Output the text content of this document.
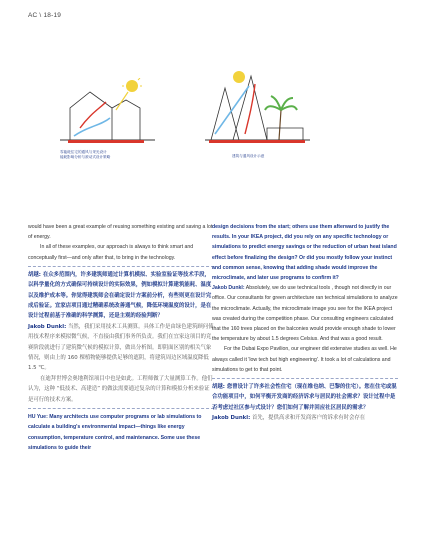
AC \ 18-19
零能耗住宅的通风与采光设计
能耗影响分析与被动式设计策略	建筑与通风设计示意

would have been a great example of reusing something existing and saving a lot of energy.

In all of these examples, our approach is always to think smart and conceptually first—and only after that, to bring in the technology.

胡越: 在众多范围内，许多建筑师通过计算机模拟、实验室验证等技术手段，以科学量化的方式确保可持续设计的实际效果，例如模拟计算建筑能耗、温度以及维护成本等。你觉得建筑师会在确定设计方案前分析，有些则更在设计完成后验证。宜家店项目通过精确系统改善通气候，降低环境温度的设计，是在设计过程前基于准确的科学测算，还是主观的经验判断？

Jakob Dunkl: 当然，我们采用技术工具测算。具体工作是由绿色建筑顾问使用技术程序来模拟微气候，不直接由我们事务所负责。我们在宜家这项目的竞赛阶段就进行了建筑微气候的模拟计算，做出分析图。即阴面区别的相关气象情况，则由上的 160 棵植物能够提供足够的遮阴，将建筑周边区域温度降低 1.5 ℃。

在迪拜世博会奥地利馆项目中也是如此。工程师做了大量测算工作。他们认为，这种 “低技术、高建造” 的做法需要通过复杂的计算和模拟分析来验证是可行的技术方案。

HU Yue: Many architects use computer programs or lab simulations to calculate a building's environmental impact—things like energy consumption, temperature control, and maintenance. Some use these simulations to guide their

design decisions from the start; others use them afterward to justify the results. In your IKEA project, did you rely on any specific technology or simulations to predict energy savings or the reduction of urban heat island effect before finalizing the design? Or did you mostly follow your instinct and common sense, knowing that adding shade would improve the microclimate, and later use programs to confirm it?

Jakob Dunkl: Absolutely, we do use technical tools , though not directly in our office. Our consultants for green architecture ran technical simulations to analyze the microclimate. Actually, the microclimate image you see for the IKEA project was created during the competition phase. Our consulting engineers calculated that the 160 trees placed on the balconies would provide enough shade to lower the temperature by about 1.5 degrees Celsius. And that was a good result.

For the Dubai Expo Pavilion, our engineer did extensive studies as well. He always called it 'low tech but high engineering'. It took a lot of calculations and simulations to get to that point.

胡越: 您曾设计了许多社会性住宅（现在维也纳、巴黎的住宅）。您在住宅或混合功能项目中，如何平衡开发商的经济诉求与居民的社会需求？设计过程中是否考虑过社区参与式设计？您们如何了解并回应社区居民的需求？

Jakob Dunkl: 首先，提供高求和开发商客户的诉求有时会存在
